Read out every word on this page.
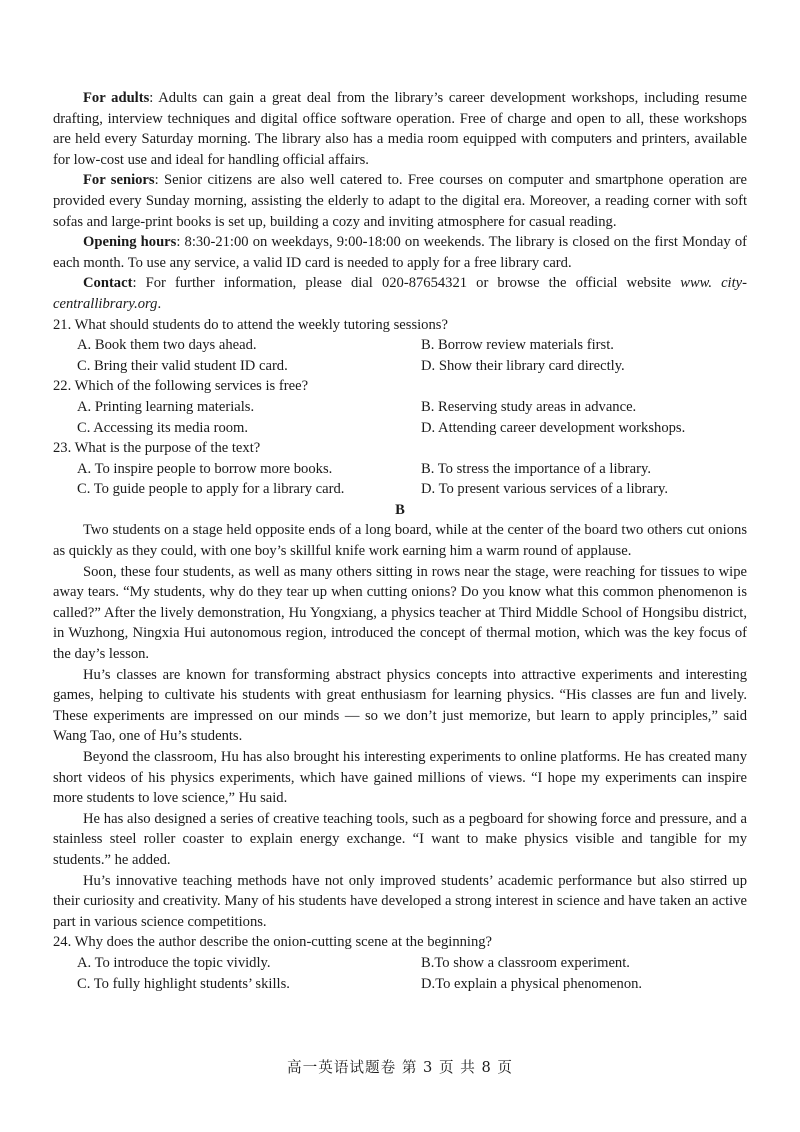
For adults: Adults can gain a great deal from the library’s career development workshops, including resume drafting, interview techniques and digital office software operation. Free of charge and open to all, these workshops are held every Saturday morning. The library also has a media room equipped with computers and printers, available for low-cost use and ideal for handling official affairs.

For seniors: Senior citizens are also well catered to. Free courses on computer and smartphone operation are provided every Sunday morning, assisting the elderly to adapt to the digital era. Moreover, a reading corner with soft sofas and large-print books is set up, building a cozy and inviting atmosphere for casual reading.

Opening hours: 8:30-21:00 on weekdays, 9:00-18:00 on weekends. The library is closed on the first Monday of each month. To use any service, a valid ID card is needed to apply for a free library card.

Contact: For further information, please dial 020-87654321 or browse the official website www. city-centrallibrary.org.

21. What should students do to attend the weekly tutoring sessions?
A. Book them two days ahead.	B. Borrow review materials first.
C. Bring their valid student ID card.	D. Show their library card directly.
22. Which of the following services is free?
A. Printing learning materials.	B. Reserving study areas in advance.
C. Accessing its media room.	D. Attending career development workshops.
23. What is the purpose of the text?
A. To inspire people to borrow more books.	B. To stress the importance of a library.
C. To guide people to apply for a library card.	D. To present various services of a library.
B

Two students on a stage held opposite ends of a long board, while at the center of the board two others cut onions as quickly as they could, with one boy’s skillful knife work earning him a warm round of applause.

Soon, these four students, as well as many others sitting in rows near the stage, were reaching for tissues to wipe away tears. “My students, why do they tear up when cutting onions? Do you know what this common phenomenon is called?” After the lively demonstration, Hu Yongxiang, a physics teacher at Third Middle School of Hongsibu district, in Wuzhong, Ningxia Hui autonomous region, introduced the concept of thermal motion, which was the key focus of the day’s lesson.

Hu’s classes are known for transforming abstract physics concepts into attractive experiments and interesting games, helping to cultivate his students with great enthusiasm for learning physics. “His classes are fun and lively. These experiments are impressed on our minds — so we don’t just memorize, but learn to apply principles,” said Wang Tao, one of Hu’s students.

Beyond the classroom, Hu has also brought his interesting experiments to online platforms. He has created many short videos of his physics experiments, which have gained millions of views. “I hope my experiments can inspire more students to love science,” Hu said.

He has also designed a series of creative teaching tools, such as a pegboard for showing force and pressure, and a stainless steel roller coaster to explain energy exchange. “I want to make physics visible and tangible for my students.” he added.

Hu’s innovative teaching methods have not only improved students’ academic performance but also stirred up their curiosity and creativity. Many of his students have developed a strong interest in science and have taken an active part in various science competitions.

24. Why does the author describe the onion-cutting scene at the beginning?
A. To introduce the topic vividly.	B.To show a classroom experiment.
C. To fully highlight students’ skills.	D.To explain a physical phenomenon.
高一英语试题卷 第 3 页 共 8 页
